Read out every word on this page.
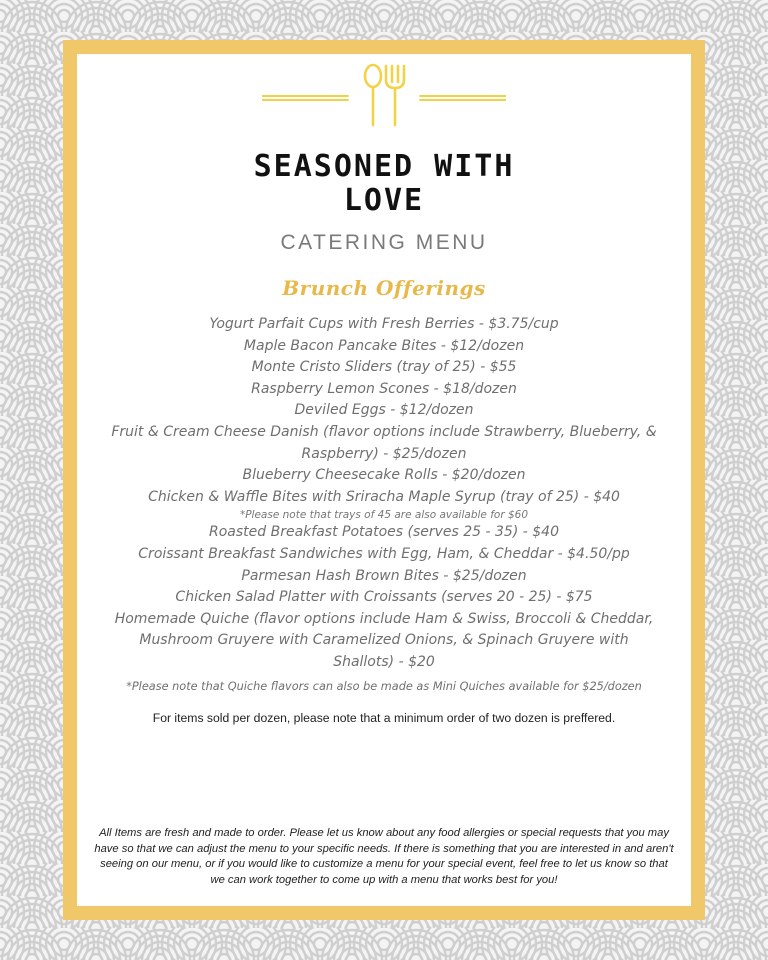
SEASONED WITH
LOVE
CATERING MENU
Brunch Offerings
Yogurt Parfait Cups with Fresh Berries - $3.75/cup
Maple Bacon Pancake Bites - $12/dozen
Monte Cristo Sliders (tray of 25) - $55
Raspberry Lemon Scones - $18/dozen
Deviled Eggs - $12/dozen
Fruit & Cream Cheese Danish (flavor options include Strawberry, Blueberry, & Raspberry) - $25/dozen
Blueberry Cheesecake Rolls - $20/dozen
Chicken & Waffle Bites with Sriracha Maple Syrup (tray of 25) - $40
*Please note that trays of 45 are also available for $60
Roasted Breakfast Potatoes (serves 25 - 35) - $40
Croissant Breakfast Sandwiches with Egg, Ham, & Cheddar - $4.50/pp
Parmesan Hash Brown Bites - $25/dozen
Chicken Salad Platter with Croissants (serves 20 - 25) - $75
Homemade Quiche (flavor options include Ham & Swiss, Broccoli & Cheddar, Mushroom Gruyere with Caramelized Onions, & Spinach Gruyere with Shallots) - $20
*Please note that Quiche flavors can also be made as Mini Quiches available for $25/dozen
For items sold per dozen, please note that a minimum order of two dozen is preffered.
All Items are fresh and made to order. Please let us know about any food allergies or special requests that you may have so that we can adjust the menu to your specific needs. If there is something that you are interested in and aren't seeing on our menu, or if you would like to customize a menu for your special event, feel free to let us know so that we can work together to come up with a menu that works best for you!
